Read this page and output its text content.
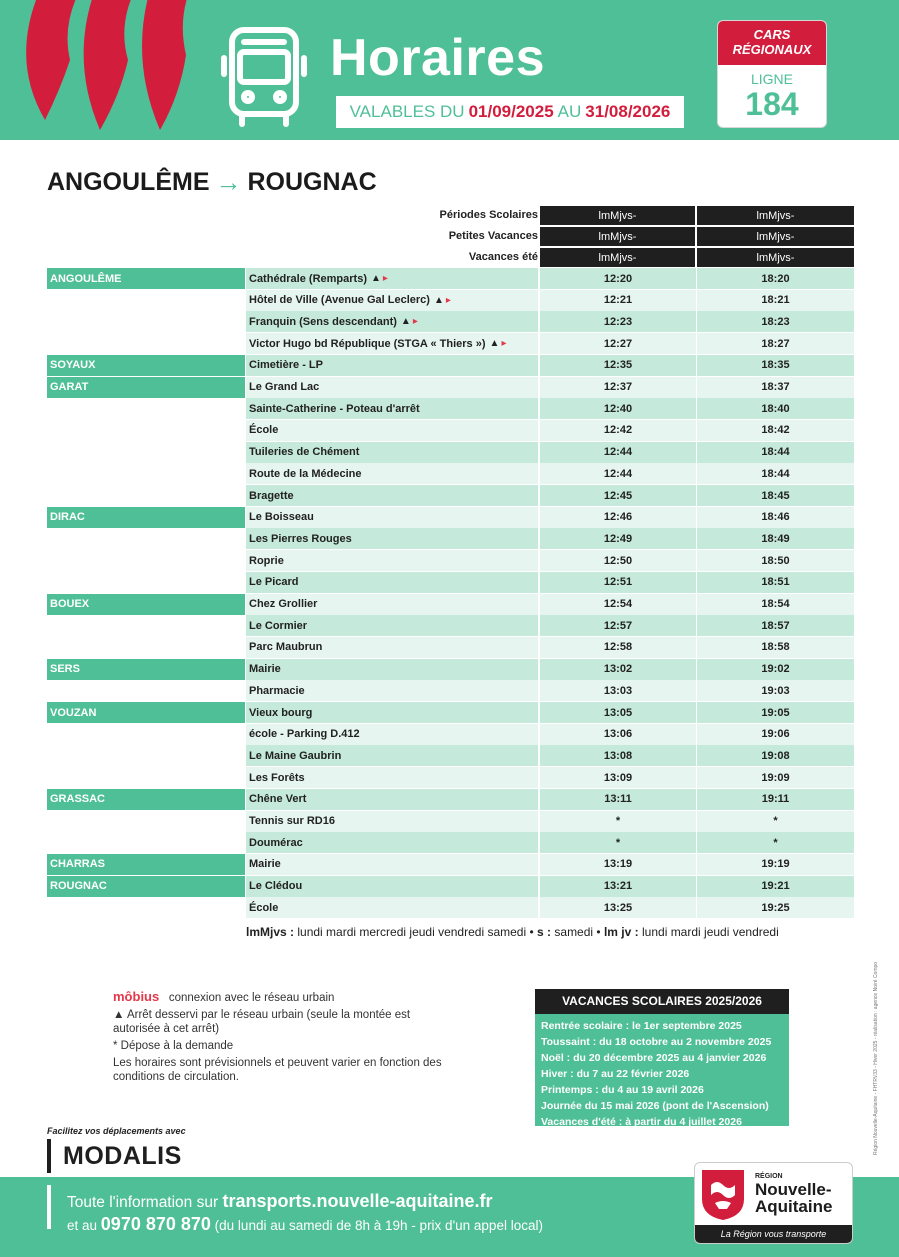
Horaires
VALABLES DU 01/09/2025 AU 31/08/2026
CARS
RÉGIONAUX
LIGNE
184
ANGOULÊME → ROUGNAC
Périodes Scolaires	lmMjvs-	lmMjvs-
Petites Vacances	lmMjvs-	lmMjvs-
Vacances été	lmMjvs-	lmMjvs-
ANGOULÊME	Cathédrale (Remparts) ▲ ▸	12:20	18:20
Hôtel de Ville (Avenue Gal Leclerc) ▲ ▸	12:21	18:21
Franquin (Sens descendant) ▲ ▸	12:23	18:23
Victor Hugo bd République (STGA « Thiers ») ▲ ▸	12:27	18:27
SOYAUX	Cimetière - LP	12:35	18:35
GARAT	Le Grand Lac	12:37	18:37
Sainte-Catherine - Poteau d'arrêt	12:40	18:40
École	12:42	18:42
Tuileries de Chément	12:44	18:44
Route de la Médecine	12:44	18:44
Bragette	12:45	18:45
DIRAC	Le Boisseau	12:46	18:46
Les Pierres Rouges	12:49	18:49
Roprie	12:50	18:50
Le Picard	12:51	18:51
BOUEX	Chez Grollier	12:54	18:54
Le Cormier	12:57	18:57
Parc Maubrun	12:58	18:58
SERS	Mairie	13:02	19:02
Pharmacie	13:03	19:03
VOUZAN	Vieux bourg	13:05	19:05
école - Parking D.412	13:06	19:06
Le Maine Gaubrin	13:08	19:08
Les Forêts	13:09	19:09
GRASSAC	Chêne Vert	13:11	19:11
Tennis sur RD16	*	*
Doumérac	*	*
CHARRAS	Mairie	13:19	19:19
ROUGNAC	Le Clédou	13:21	19:21
École	13:25	19:25
lmMjvs : lundi mardi mercredi jeudi vendredi samedi • s : samedi • lm jv : lundi mardi jeudi vendredi

môbius connexion avec le réseau urbain

▲ Arrêt desservi par le réseau urbain (seule la montée est autorisée à cet arrêt)

* Dépose à la demande

Les horaires sont prévisionnels et peuvent varier en fonction des conditions de circulation.

VACANCES SCOLAIRES 2025/2026
Rentrée scolaire : le 1er septembre 2025
Toussaint : du 18 octobre au 2 novembre 2025
Noël : du 20 décembre 2025 au 4 janvier 2026
Hiver : du 7 au 22 février 2026
Printemps : du 4 au 19 avril 2026
Journée du 15 mai 2026 (pont de l'Ascension)
Vacances d'été : à partir du 4 juillet 2026	Région Nouvelle-Aquitaine - FHTRV33 - Hiver 2025 - réalisation : agence Noiré Compo
Facilitez vos déplacements avec
MODALIS
Toute l'information sur transports.nouvelle-aquitaine.fr
et au 0970 870 870 (du lundi au samedi de 8h à 19h - prix d'un appel local)
RÉGION
Nouvelle-
Aquitaine
La Région vous transporte
